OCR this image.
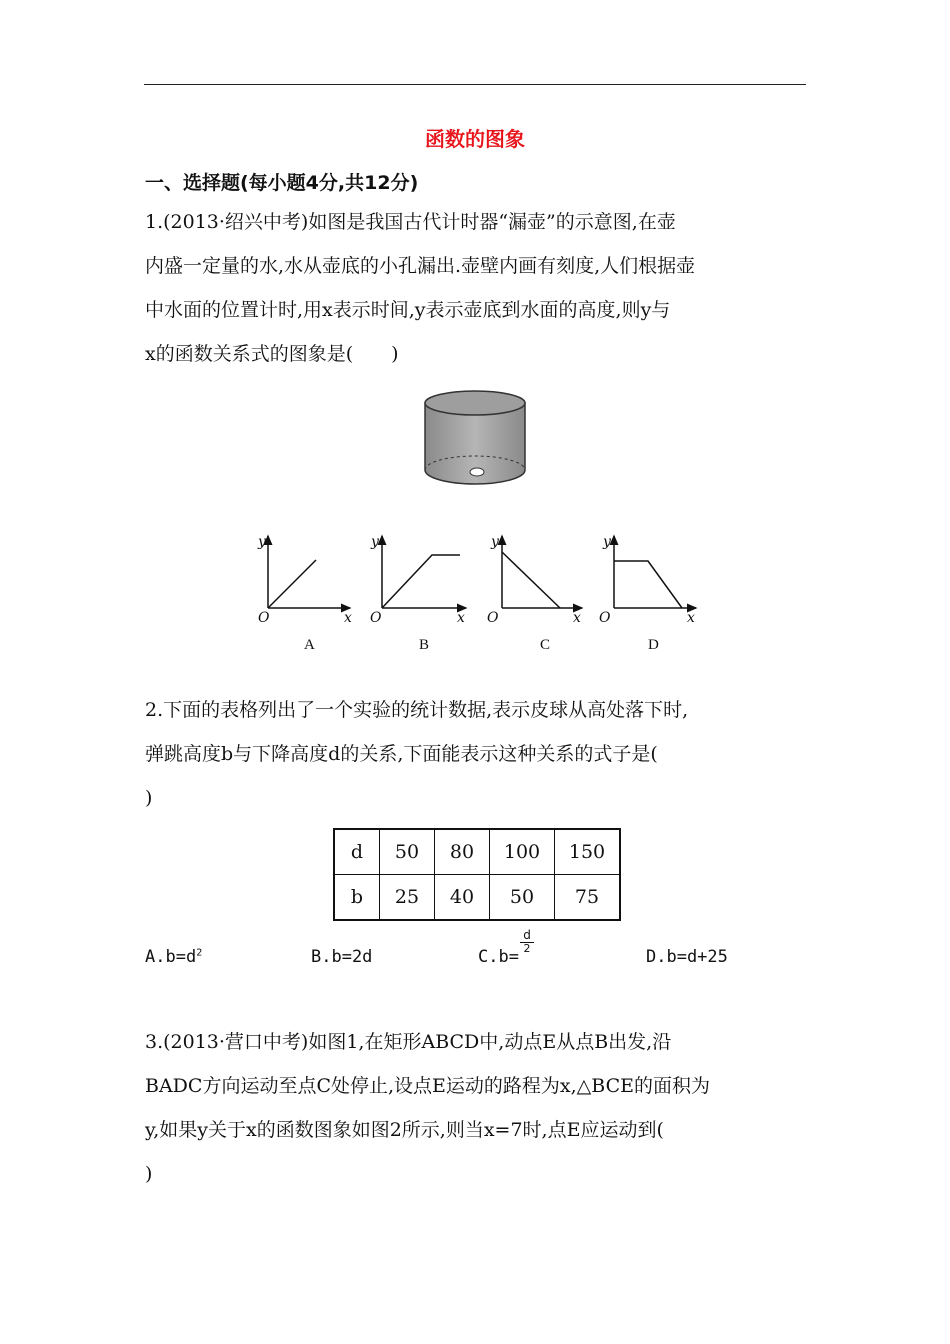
函数的图象
一、选择题(每小题4分,共12分)
1.(2013·绍兴中考)如图是我国古代计时器“漏壶”的示意图,在壶
内盛一定量的水,水从壶底的小孔漏出.壶壁内画有刻度,人们根据壶
中水面的位置计时,用x表示时间,y表示壶底到水面的高度,则y与
x的函数关系式的图象是(　　)
y
x
O
A
y
x
O
B
y
x
O
C
y
x
O
D
2.下面的表格列出了一个实验的统计数据,表示皮球从高处落下时,
弹跳高度b与下降高度d的关系,下面能表示这种关系的式子是(
)
d	50	80	100	150
b	25	40	50	75
$A.b=d^2$	B.b=2d	C.b=
$\frac{d}{2}$
D.b=d+25
3.(2013·营口中考)如图1,在矩形ABCD中,动点E从点B出发,沿
BADC方向运动至点C处停止,设点E运动的路程为x,△BCE的面积为
y,如果y关于x的函数图象如图2所示,则当x=7时,点E应运动到(
)
